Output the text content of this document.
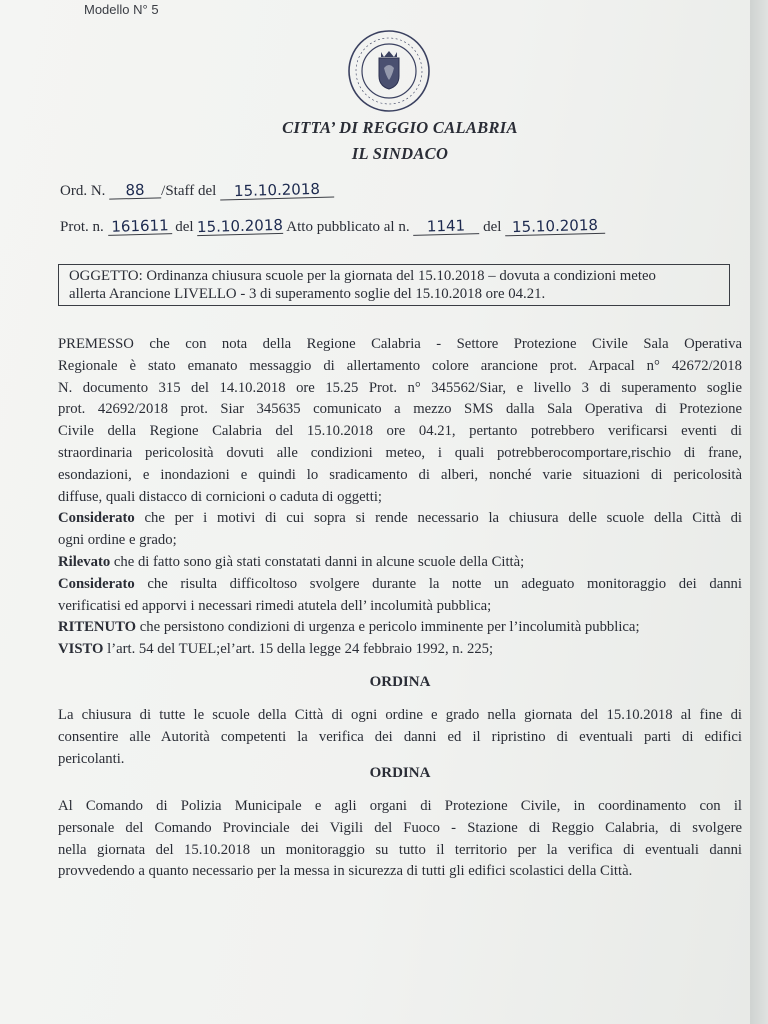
Modello N° 5
CITTA’ DI REGGIO CALABRIA
IL SINDACO
Ord. N. 88 /Staff del 15.10.2018
Prot. n. 161611 del 15.10.2018 Atto pubblicato al n. 1141 del 15.10.2018
OGGETTO: Ordinanza chiusura scuole per la giornata del 15.10.2018 – dovuta a condizioni meteo
allerta Arancione LIVELLO - 3 di superamento soglie del 15.10.2018 ore 04.21.
PREMESSO che con nota della Regione Calabria - Settore Protezione Civile Sala Operativa
Regionale è stato emanato messaggio di allertamento colore arancione prot. Arpacal n° 42672/2018
N. documento 315 del 14.10.2018 ore 15.25 Prot. n° 345562/Siar, e livello 3 di superamento soglie
prot. 42692/2018 prot. Siar 345635 comunicato a mezzo SMS dalla Sala Operativa di Protezione
Civile della Regione Calabria del 15.10.2018 ore 04.21, pertanto potrebbero verificarsi eventi di
straordinaria pericolosità dovuti alle condizioni meteo, i quali potrebberocomportare,rischio di frane,
esondazioni, e inondazioni e quindi lo sradicamento di alberi, nonché varie situazioni di pericolosità
diffuse, quali distacco di cornicioni o caduta di oggetti;
Considerato che per i motivi di cui sopra si rende necessario la chiusura delle scuole della Città di
ogni ordine e grado;
Rilevato che di fatto sono già stati constatati danni in alcune scuole della Città;
Considerato che risulta difficoltoso svolgere durante la notte un adeguato monitoraggio dei danni
verificatisi ed apporvi i necessari rimedi atutela dell’ incolumità pubblica;
RITENUTO che persistono condizioni di urgenza e pericolo imminente per l’incolumità pubblica;
VISTO l’art. 54 del TUEL;el’art. 15 della legge 24 febbraio 1992, n. 225;
ORDINA
La chiusura di tutte le scuole della Città di ogni ordine e grado nella giornata del 15.10.2018 al fine di
consentire alle Autorità competenti la verifica dei danni ed il ripristino di eventuali parti di edifici
pericolanti.
ORDINA
Al Comando di Polizia Municipale e agli organi di Protezione Civile, in coordinamento con il
personale del Comando Provinciale dei Vigili del Fuoco - Stazione di Reggio Calabria, di svolgere
nella giornata del 15.10.2018 un monitoraggio su tutto il territorio per la verifica di eventuali danni
provvedendo a quanto necessario per la messa in sicurezza di tutti gli edifici scolastici della Città.
